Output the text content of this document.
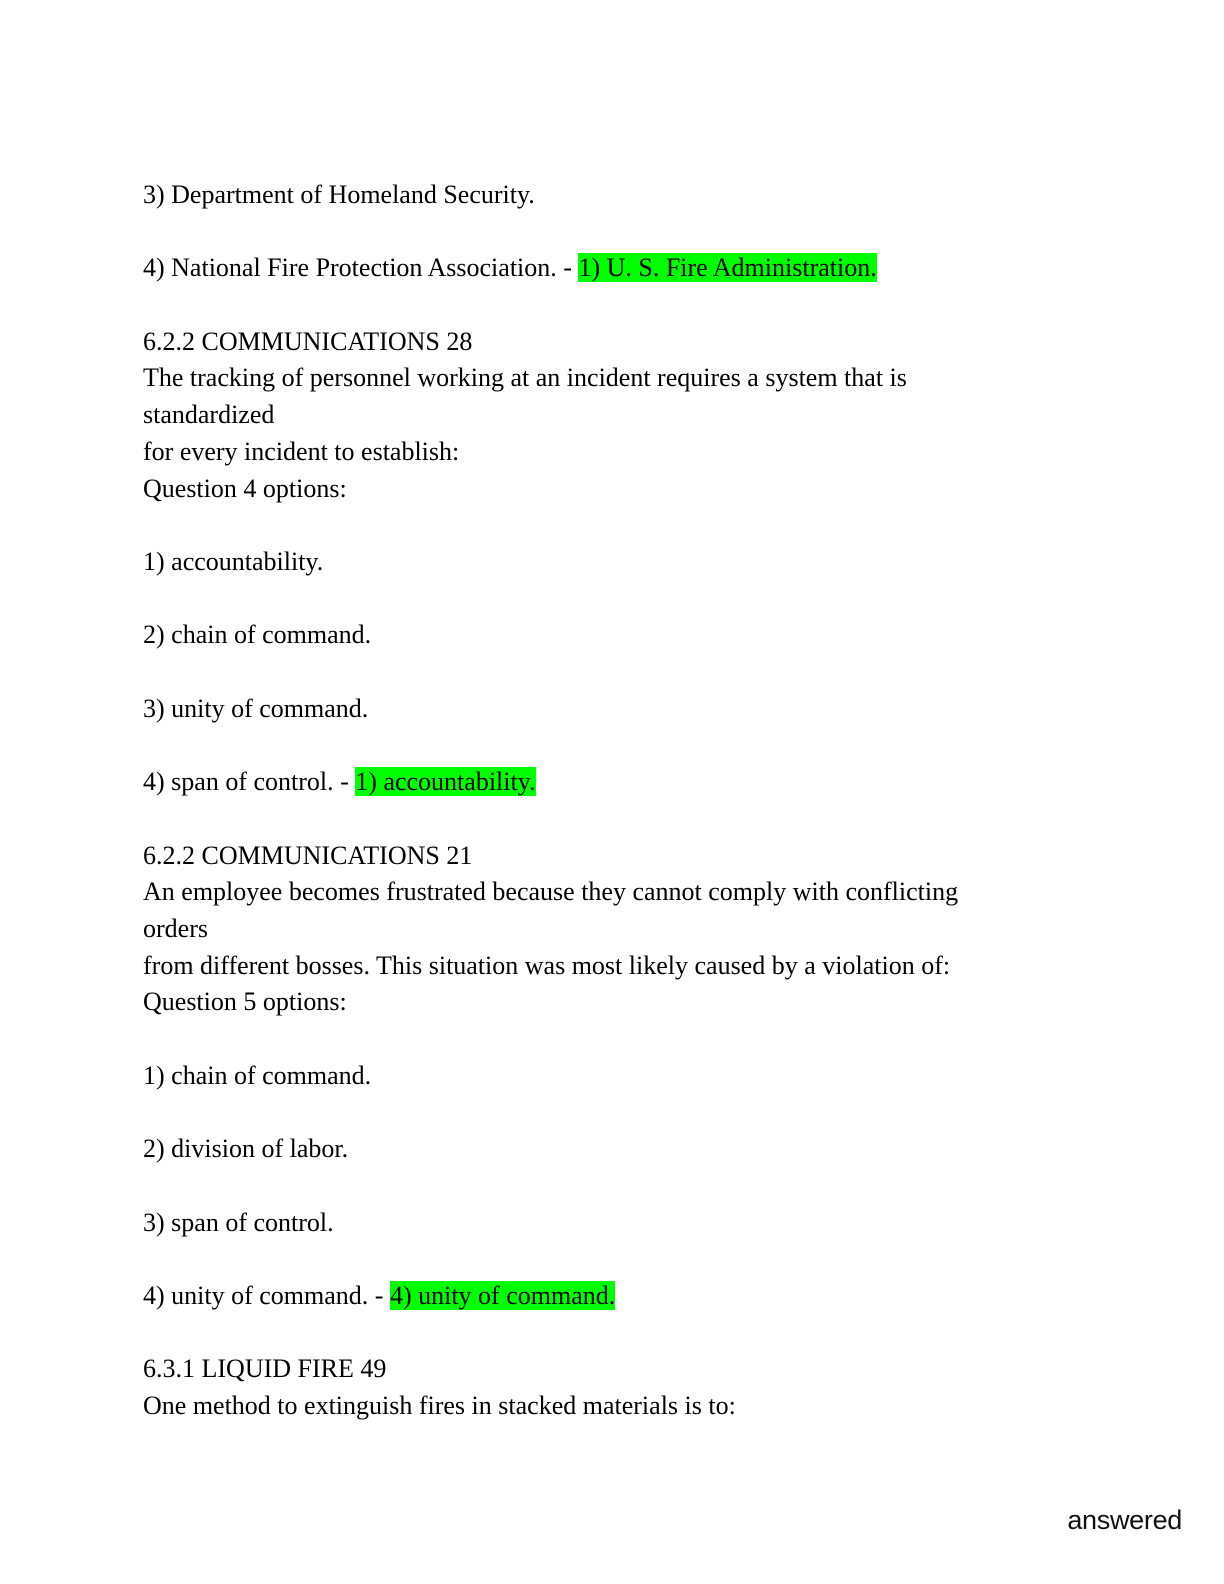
3) Department of Homeland Security.
4) National Fire Protection Association. - 1) U. S. Fire Administration.
6.2.2 COMMUNICATIONS 28
The tracking of personnel working at an incident requires a system that is
standardized
for every incident to establish:
Question 4 options:
1) accountability.
2) chain of command.
3) unity of command.
4) span of control. - 1) accountability.
6.2.2 COMMUNICATIONS 21
An employee becomes frustrated because they cannot comply with conflicting
orders
from different bosses. This situation was most likely caused by a violation of:
Question 5 options:
1) chain of command.
2) division of labor.
3) span of control.
4) unity of command. - 4) unity of command.
6.3.1 LIQUID FIRE 49
One method to extinguish fires in stacked materials is to:
answered
